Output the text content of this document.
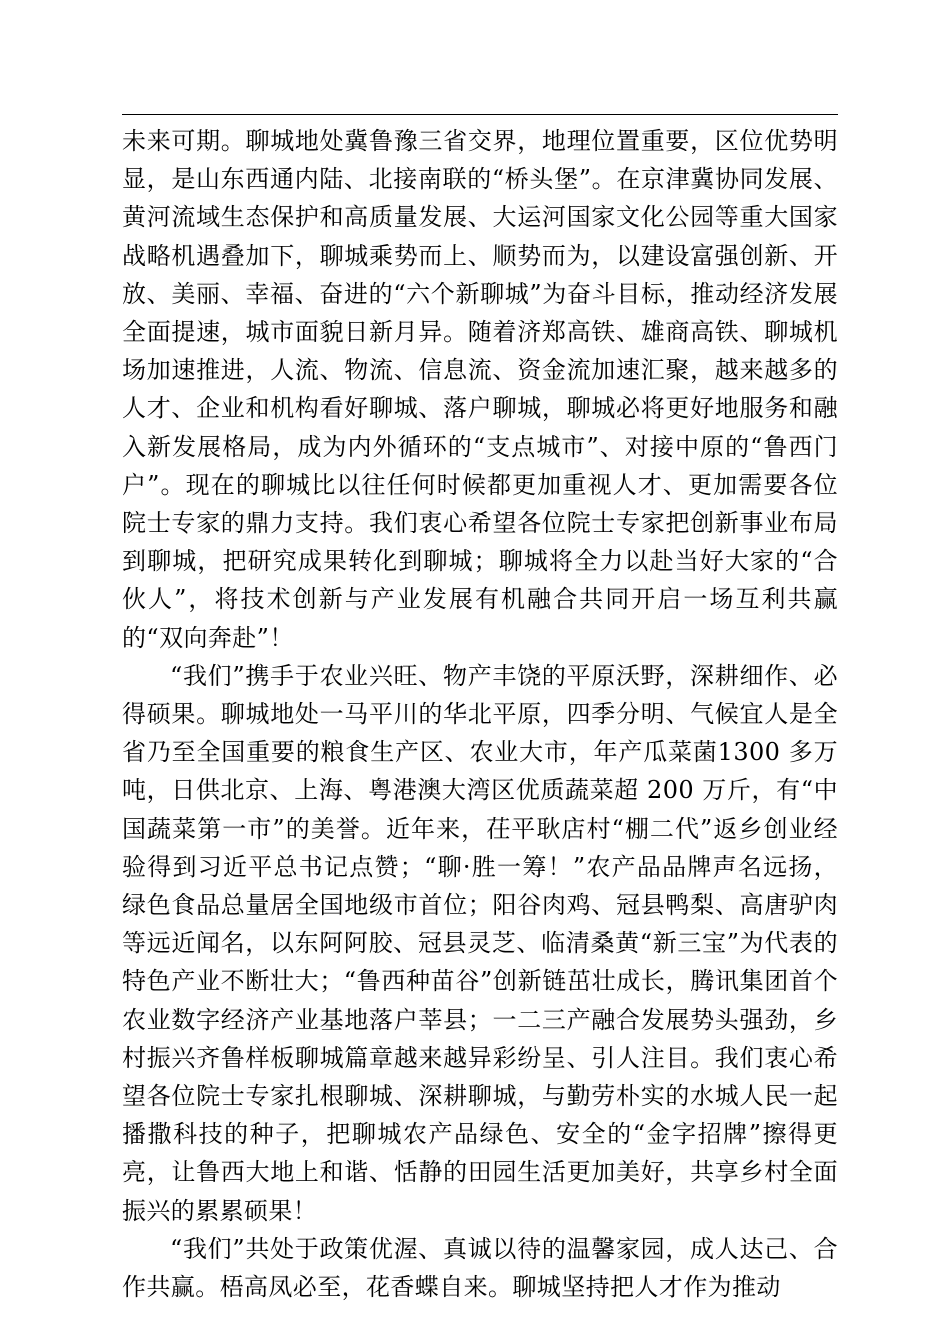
未来可期。聊城地处冀鲁豫三省交界，地理位置重要，区位优势明显，是山东西通内陆、北接南联的“桥头堡”。在京津冀协同发展、黄河流域生态保护和高质量发展、大运河国家文化公园等重大国家战略机遇叠加下，聊城乘势而上、顺势而为，以建设富强创新、开放、美丽、幸福、奋进的“六个新聊城”为奋斗目标，推动经济发展全面提速，城市面貌日新月异。随着济郑高铁、雄商高铁、聊城机场加速推进，人流、物流、信息流、资金流加速汇聚，越来越多的人才、企业和机构看好聊城、落户聊城，聊城必将更好地服务和融入新发展格局，成为内外循环的“支点城市”、对接中原的“鲁西门户”。现在的聊城比以往任何时候都更加重视人才、更加需要各位院士专家的鼎力支持。我们衷心希望各位院士专家把创新事业布局到聊城，把研究成果转化到聊城；聊城将全力以赴当好大家的“合伙人”，将技术创新与产业发展有机融合共同开启一场互利共赢的“双向奔赴”！

“我们”携手于农业兴旺、物产丰饶的平原沃野，深耕细作、必得硕果。聊城地处一马平川的华北平原，四季分明、气候宜人是全省乃至全国重要的粮食生产区、农业大市，年产瓜菜菌1300 多万吨，日供北京、上海、粤港澳大湾区优质蔬菜超 200 万斤，有“中国蔬菜第一市”的美誉。近年来，茌平耿店村“棚二代”返乡创业经验得到习近平总书记点赞；“聊·胜一筹！”农产品品牌声名远扬，绿色食品总量居全国地级市首位；阳谷肉鸡、冠县鸭梨、高唐驴肉等远近闻名，以东阿阿胶、冠县灵芝、临清桑黄“新三宝”为代表的特色产业不断壮大；“鲁西种苗谷”创新链茁壮成长，腾讯集团首个农业数字经济产业基地落户莘县；一二三产融合发展势头强劲，乡村振兴齐鲁样板聊城篇章越来越异彩纷呈、引人注目。我们衷心希望各位院士专家扎根聊城、深耕聊城，与勤劳朴实的水城人民一起播撒科技的种子，把聊城农产品绿色、安全的“金字招牌”擦得更亮，让鲁西大地上和谐、恬静的田园生活更加美好，共享乡村全面振兴的累累硕果！

“我们”共处于政策优渥、真诚以待的温馨家园，成人达己、合作共赢。梧高凤必至，花香蝶自来。聊城坚持把人才作为推动
